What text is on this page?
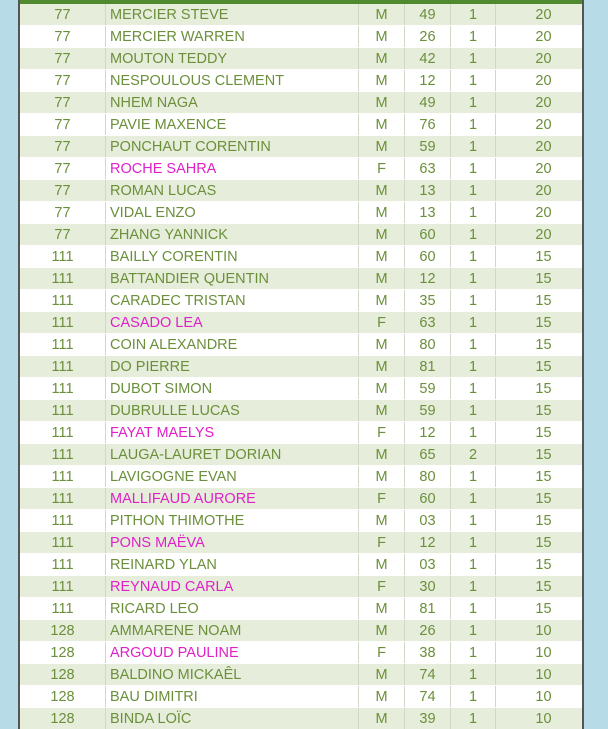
77	MERCIER STEVE	M	49	1	20
77	MERCIER WARREN	M	26	1	20
77	MOUTON TEDDY	M	42	1	20
77	NESPOULOUS CLEMENT	M	12	1	20
77	NHEM NAGA	M	49	1	20
77	PAVIE MAXENCE	M	76	1	20
77	PONCHAUT CORENTIN	M	59	1	20
77	ROCHE SAHRA	F	63	1	20
77	ROMAN LUCAS	M	13	1	20
77	VIDAL ENZO	M	13	1	20
77	ZHANG YANNICK	M	60	1	20
111	BAILLY CORENTIN	M	60	1	15
111	BATTANDIER QUENTIN	M	12	1	15
111	CARADEC TRISTAN	M	35	1	15
111	CASADO LEA	F	63	1	15
111	COIN ALEXANDRE	M	80	1	15
111	DO PIERRE	M	81	1	15
111	DUBOT SIMON	M	59	1	15
111	DUBRULLE LUCAS	M	59	1	15
111	FAYAT MAELYS	F	12	1	15
111	LAUGA-LAURET DORIAN	M	65	2	15
111	LAVIGOGNE EVAN	M	80	1	15
111	MALLIFAUD AURORE	F	60	1	15
111	PITHON THIMOTHE	M	03	1	15
111	PONS MAËVA	F	12	1	15
111	REINARD YLAN	M	03	1	15
111	REYNAUD CARLA	F	30	1	15
111	RICARD LEO	M	81	1	15
128	AMMARENE NOAM	M	26	1	10
128	ARGOUD PAULINE	F	38	1	10
128	BALDINO MICKAÊL	M	74	1	10
128	BAU DIMITRI	M	74	1	10
128	BINDA LOÏC	M	39	1	10
